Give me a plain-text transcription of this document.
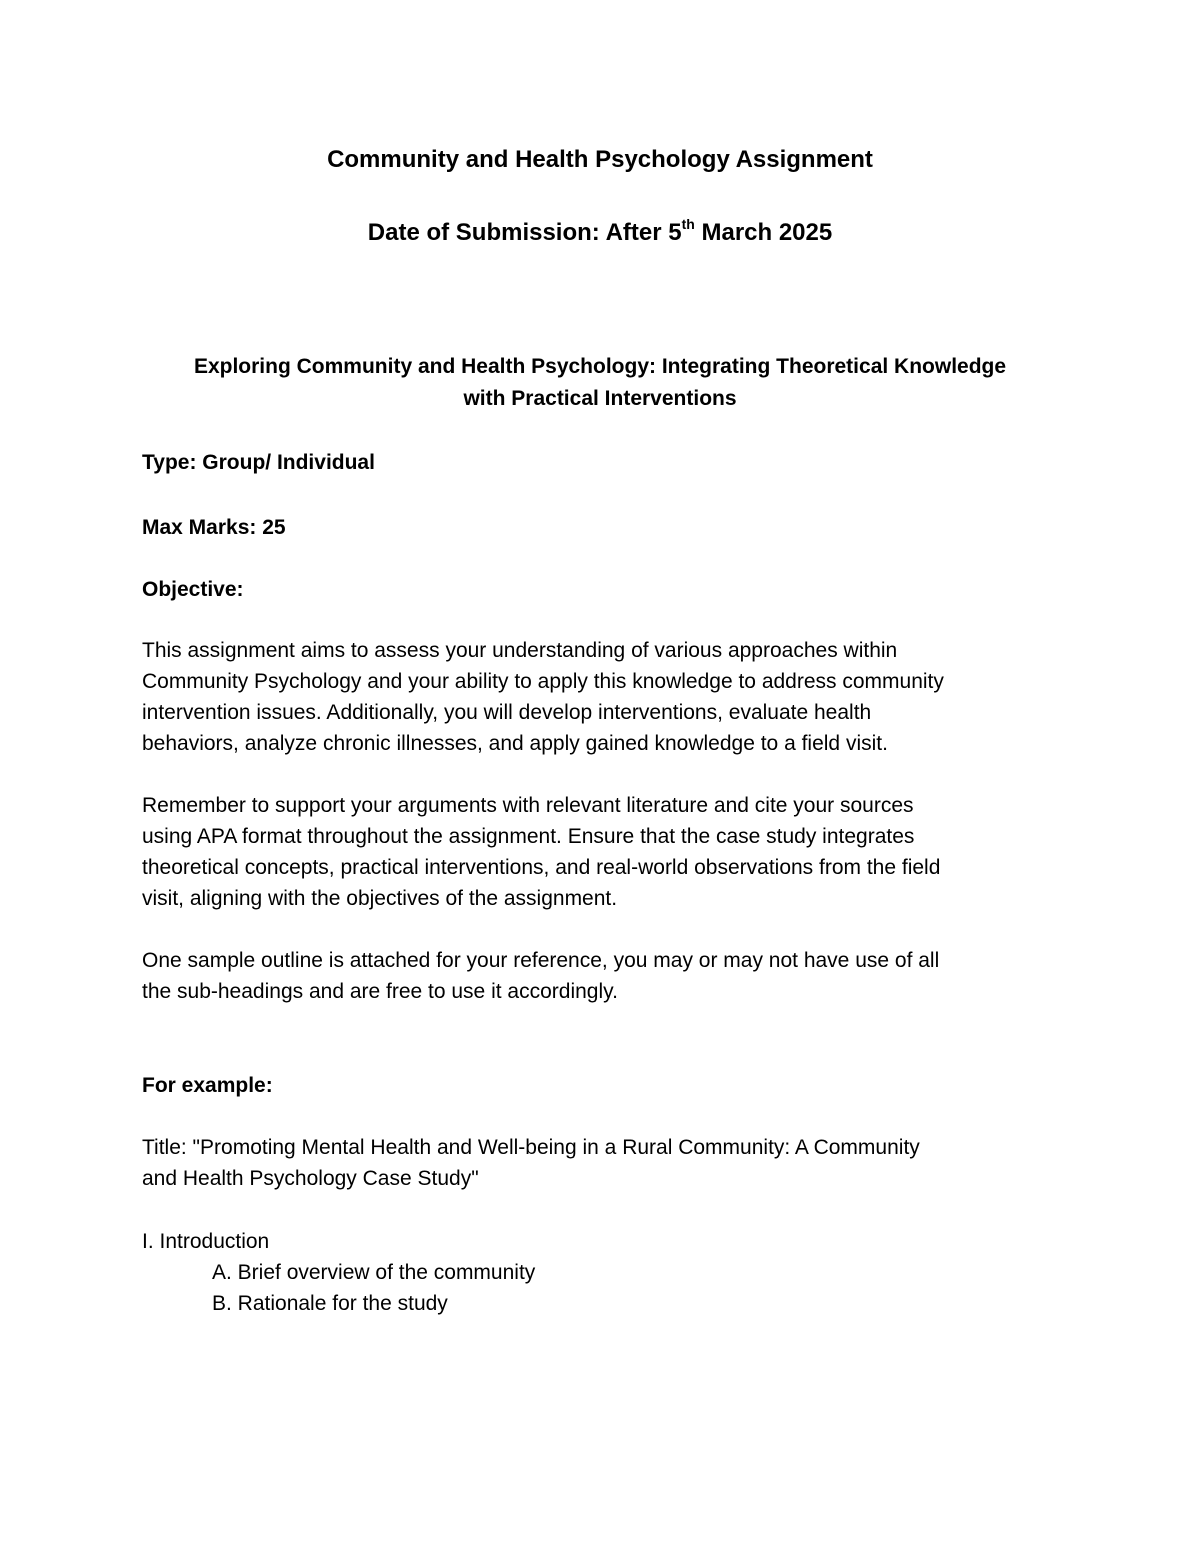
Community and Health Psychology Assignment
Date of Submission: After 5th March 2025
Exploring Community and Health Psychology: Integrating Theoretical Knowledge
with Practical Interventions
Type: Group/ Individual
Max Marks: 25
Objective:
This assignment aims to assess your understanding of various approaches within
Community Psychology and your ability to apply this knowledge to address community
intervention issues. Additionally, you will develop interventions, evaluate health
behaviors, analyze chronic illnesses, and apply gained knowledge to a field visit.
Remember to support your arguments with relevant literature and cite your sources
using APA format throughout the assignment. Ensure that the case study integrates
theoretical concepts, practical interventions, and real-world observations from the field
visit, aligning with the objectives of the assignment.
One sample outline is attached for your reference, you may or may not have use of all
the sub-headings and are free to use it accordingly.
For example:
Title: "Promoting Mental Health and Well-being in a Rural Community: A Community
and Health Psychology Case Study"
I. Introduction
A. Brief overview of the community
B. Rationale for the study
